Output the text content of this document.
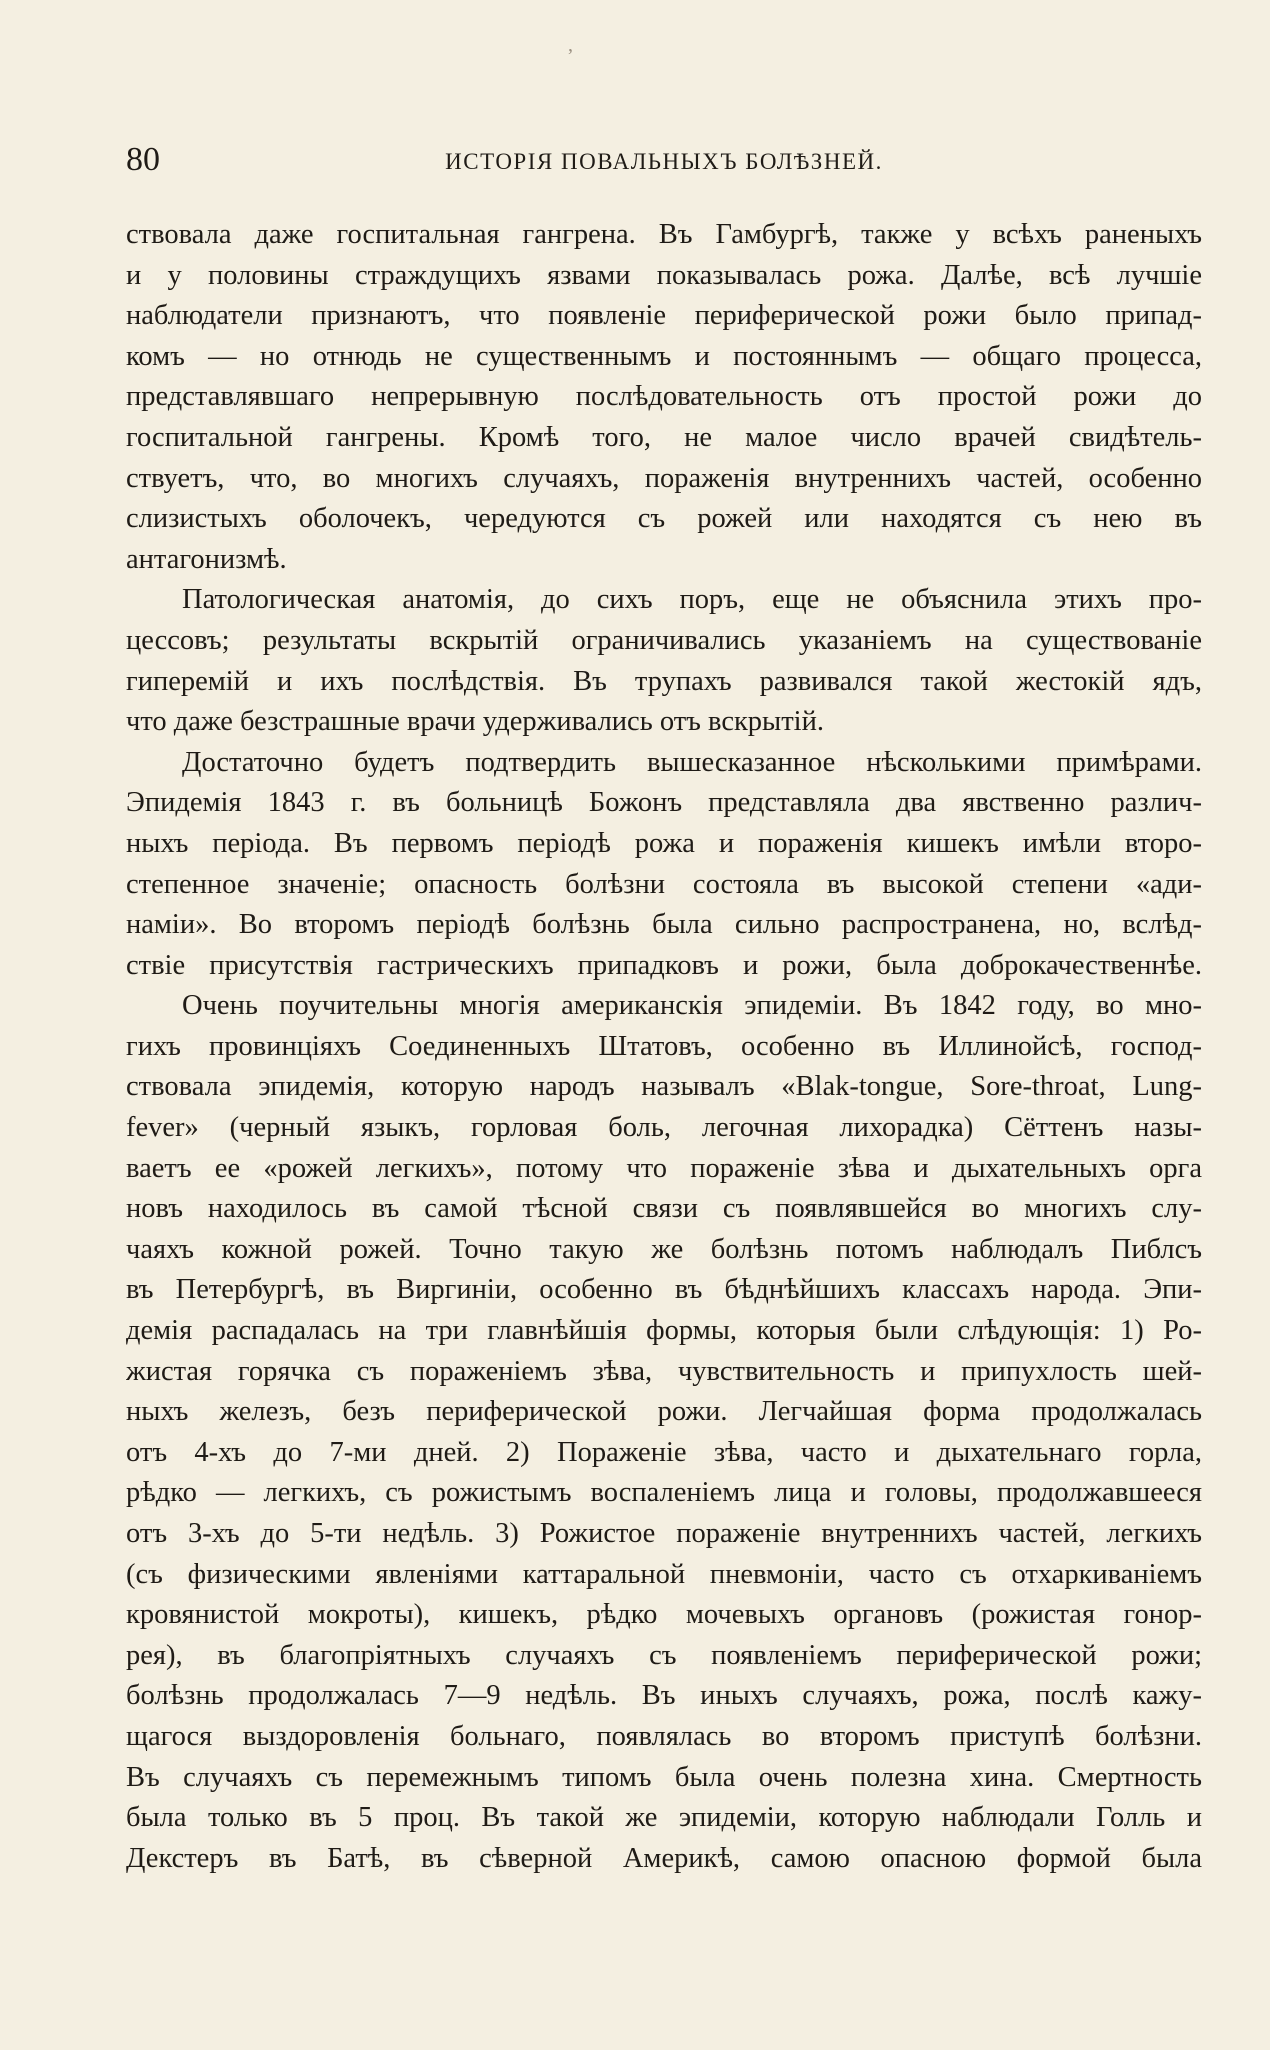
,
80	ИСТОРІЯ ПОВАЛЬНЫХЪ БОЛѢЗНЕЙ.
ствовала даже госпитальная гангрена. Въ Гамбургѣ, также у всѣхъ раненыхъ
и у половины страждущихъ язвами показывалась рожа. Далѣе, всѣ лучшіе
наблюдатели признаютъ, что появленіе периферической рожи было припад-
комъ — но отнюдь не существеннымъ и постояннымъ — общаго процесса,
представлявшаго непрерывную послѣдовательность отъ простой рожи до
госпитальной гангрены. Кромѣ того, не малое число врачей свидѣтель-
ствуетъ, что, во многихъ случаяхъ, пораженія внутреннихъ частей, особенно
слизистыхъ оболочекъ, чередуются съ рожей или находятся съ нею въ
антагонизмѣ.
Патологическая анатомія, до сихъ поръ, еще не объяснила этихъ про-
цессовъ; результаты вскрытій ограничивались указаніемъ на существованіе
гиперемій и ихъ послѣдствія. Въ трупахъ развивался такой жестокій ядъ,
что даже безстрашные врачи удерживались отъ вскрытій.
Достаточно будетъ подтвердить вышесказанное нѣсколькими примѣрами.
Эпидемія 1843 г. въ больницѣ Божонъ представляла два явственно различ-
ныхъ періода. Въ первомъ періодѣ рожа и пораженія кишекъ имѣли второ-
степенное значеніе; опасность болѣзни состояла въ высокой степени «ади-
наміи». Во второмъ періодѣ болѣзнь была сильно распространена, но, вслѣд-
ствіе присутствія гастрическихъ припадковъ и рожи, была доброкачественнѣе.
Очень поучительны многія американскія эпидеміи. Въ 1842 году, во мно-
гихъ провинціяхъ Соединенныхъ Штатовъ, особенно въ Иллинойсѣ, господ-
ствовала эпидемія, которую народъ называлъ «Blak-tongue, Sore-throat, Lung-
fever» (черный языкъ, горловая боль, легочная лихорадка) Сёттенъ назы-
ваетъ ее «рожей легкихъ», потому что пораженіе зѣва и дыхательныхъ орга
новъ находилось въ самой тѣсной связи съ появлявшейся во многихъ слу-
чаяхъ кожной рожей. Точно такую же болѣзнь потомъ наблюдалъ Пиблсъ
въ Петербургѣ, въ Виргиніи, особенно въ бѣднѣйшихъ классахъ народа. Эпи-
демія распадалась на три главнѣйшія формы, которыя были слѣдующія: 1) Ро-
жистая горячка съ пораженіемъ зѣва, чувствительность и припухлость шей-
ныхъ железъ, безъ периферической рожи. Легчайшая форма продолжалась
отъ 4-хъ до 7-ми дней. 2) Пораженіе зѣва, часто и дыхательнаго горла,
рѣдко — легкихъ, съ рожистымъ воспаленіемъ лица и головы, продолжавшееся
отъ 3-хъ до 5-ти недѣль. 3) Рожистое пораженіе внутреннихъ частей, легкихъ
(съ физическими явленіями каттаральной пневмоніи, часто съ отхаркиваніемъ
кровянистой мокроты), кишекъ, рѣдко мочевыхъ органовъ (рожистая гонор-
рея), въ благопріятныхъ случаяхъ съ появленіемъ периферической рожи;
болѣзнь продолжалась 7—9 недѣль. Въ иныхъ случаяхъ, рожа, послѣ кажу-
щагося выздоровленія больнаго, появлялась во второмъ приступѣ болѣзни.
Въ случаяхъ съ перемежнымъ типомъ была очень полезна хина. Смертность
была только въ 5 проц. Въ такой же эпидеміи, которую наблюдали Голль и
Декстеръ въ Батѣ, въ сѣверной Америкѣ, самою опасною формой была
